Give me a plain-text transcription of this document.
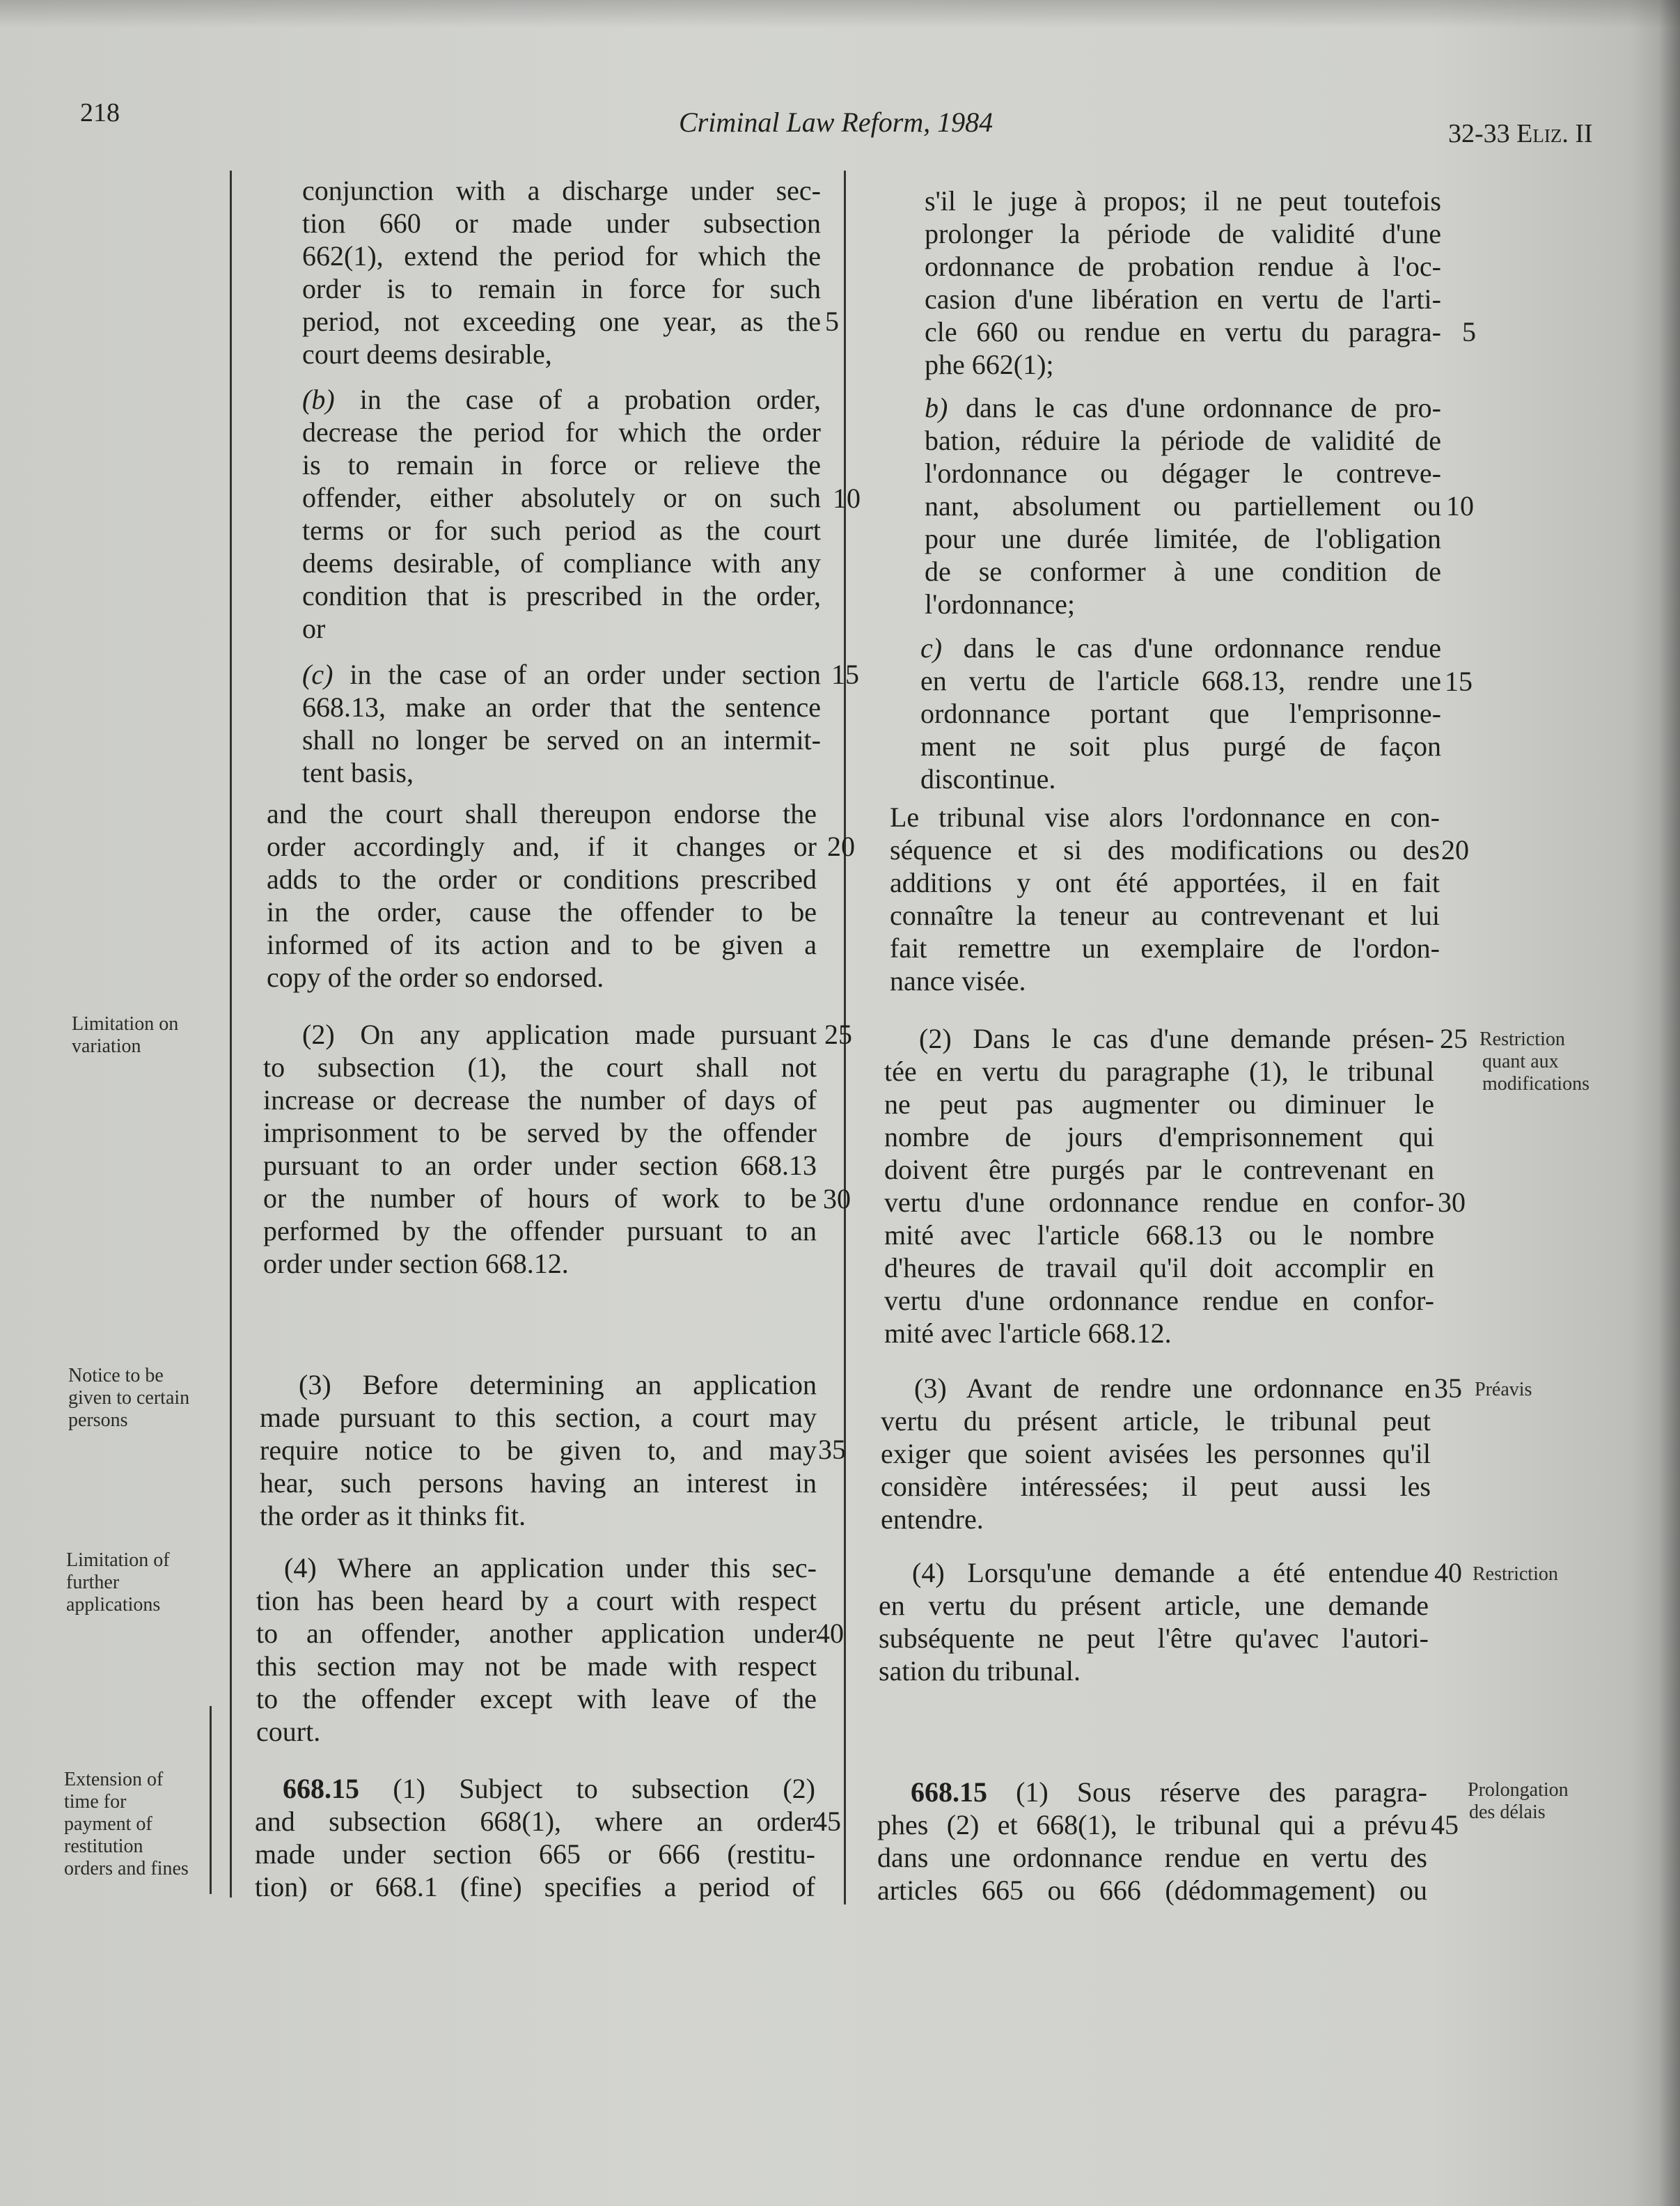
218	Criminal Law Reform, 1984	32-33 Eliz. II
conjunction with a discharge under sec-
tion 660 or made under subsection
662(1), extend the period for which the
order is to remain in force for such
period, not exceeding one year, as the
court deems desirable,
(b) in the case of a probation order,
decrease the period for which the order
is to remain in force or relieve the
offender, either absolutely or on such
terms or for such period as the court
deems desirable, of compliance with any
condition that is prescribed in the order,
or
(c) in the case of an order under section
668.13, make an order that the sentence
shall no longer be served on an intermit-
tent basis,
and the court shall thereupon endorse the
order accordingly and, if it changes or
adds to the order or conditions prescribed
in the order, cause the offender to be
informed of its action and to be given a
copy of the order so endorsed.
(2) On any application made pursuant
to subsection (1), the court shall not
increase or decrease the number of days of
imprisonment to be served by the offender
pursuant to an order under section 668.13
or the number of hours of work to be
performed by the offender pursuant to an
order under section 668.12.
(3) Before determining an application
made pursuant to this section, a court may
require notice to be given to, and may
hear, such persons having an interest in
the order as it thinks fit.
(4) Where an application under this sec-
tion has been heard by a court with respect
to an offender, another application under
this section may not be made with respect
to the offender except with leave of the
court.
668.15 (1) Subject to subsection (2)
and subsection 668(1), where an order
made under section 665 or 666 (restitu-
tion) or 668.1 (fine) specifies a period of
5
10
15
20
25
30
35
40
45
Limitation on
variation
Notice to be
given to certain
persons
Limitation of
further
applications
Extension of
time for
payment of
restitution
orders and fines
s'il le juge à propos; il ne peut toutefois
prolonger la période de validité d'une
ordonnance de probation rendue à l'oc-
casion d'une libération en vertu de l'arti-
cle 660 ou rendue en vertu du paragra-
phe 662(1);
b) dans le cas d'une ordonnance de pro-
bation, réduire la période de validité de
l'ordonnance ou dégager le contreve-
nant, absolument ou partiellement ou
pour une durée limitée, de l'obligation
de se conformer à une condition de
l'ordonnance;
c) dans le cas d'une ordonnance rendue
en vertu de l'article 668.13, rendre une
ordonnance portant que l'emprisonne-
ment ne soit plus purgé de façon
discontinue.
Le tribunal vise alors l'ordonnance en con-
séquence et si des modifications ou des
additions y ont été apportées, il en fait
connaître la teneur au contrevenant et lui
fait remettre un exemplaire de l'ordon-
nance visée.
(2) Dans le cas d'une demande présen-
tée en vertu du paragraphe (1), le tribunal
ne peut pas augmenter ou diminuer le
nombre de jours d'emprisonnement qui
doivent être purgés par le contrevenant en
vertu d'une ordonnance rendue en confor-
mité avec l'article 668.13 ou le nombre
d'heures de travail qu'il doit accomplir en
vertu d'une ordonnance rendue en confor-
mité avec l'article 668.12.
(3) Avant de rendre une ordonnance en
vertu du présent article, le tribunal peut
exiger que soient avisées les personnes qu'il
considère intéressées; il peut aussi les
entendre.
(4) Lorsqu'une demande a été entendue
en vertu du présent article, une demande
subséquente ne peut l'être qu'avec l'autori-
sation du tribunal.
668.15 (1) Sous réserve des paragra-
phes (2) et 668(1), le tribunal qui a prévu
dans une ordonnance rendue en vertu des
articles 665 ou 666 (dédommagement) ou
5
10
15
20
25
30
35
40
45
Restriction
quant aux
modifications
Préavis
Restriction
Prolongation
des délais
